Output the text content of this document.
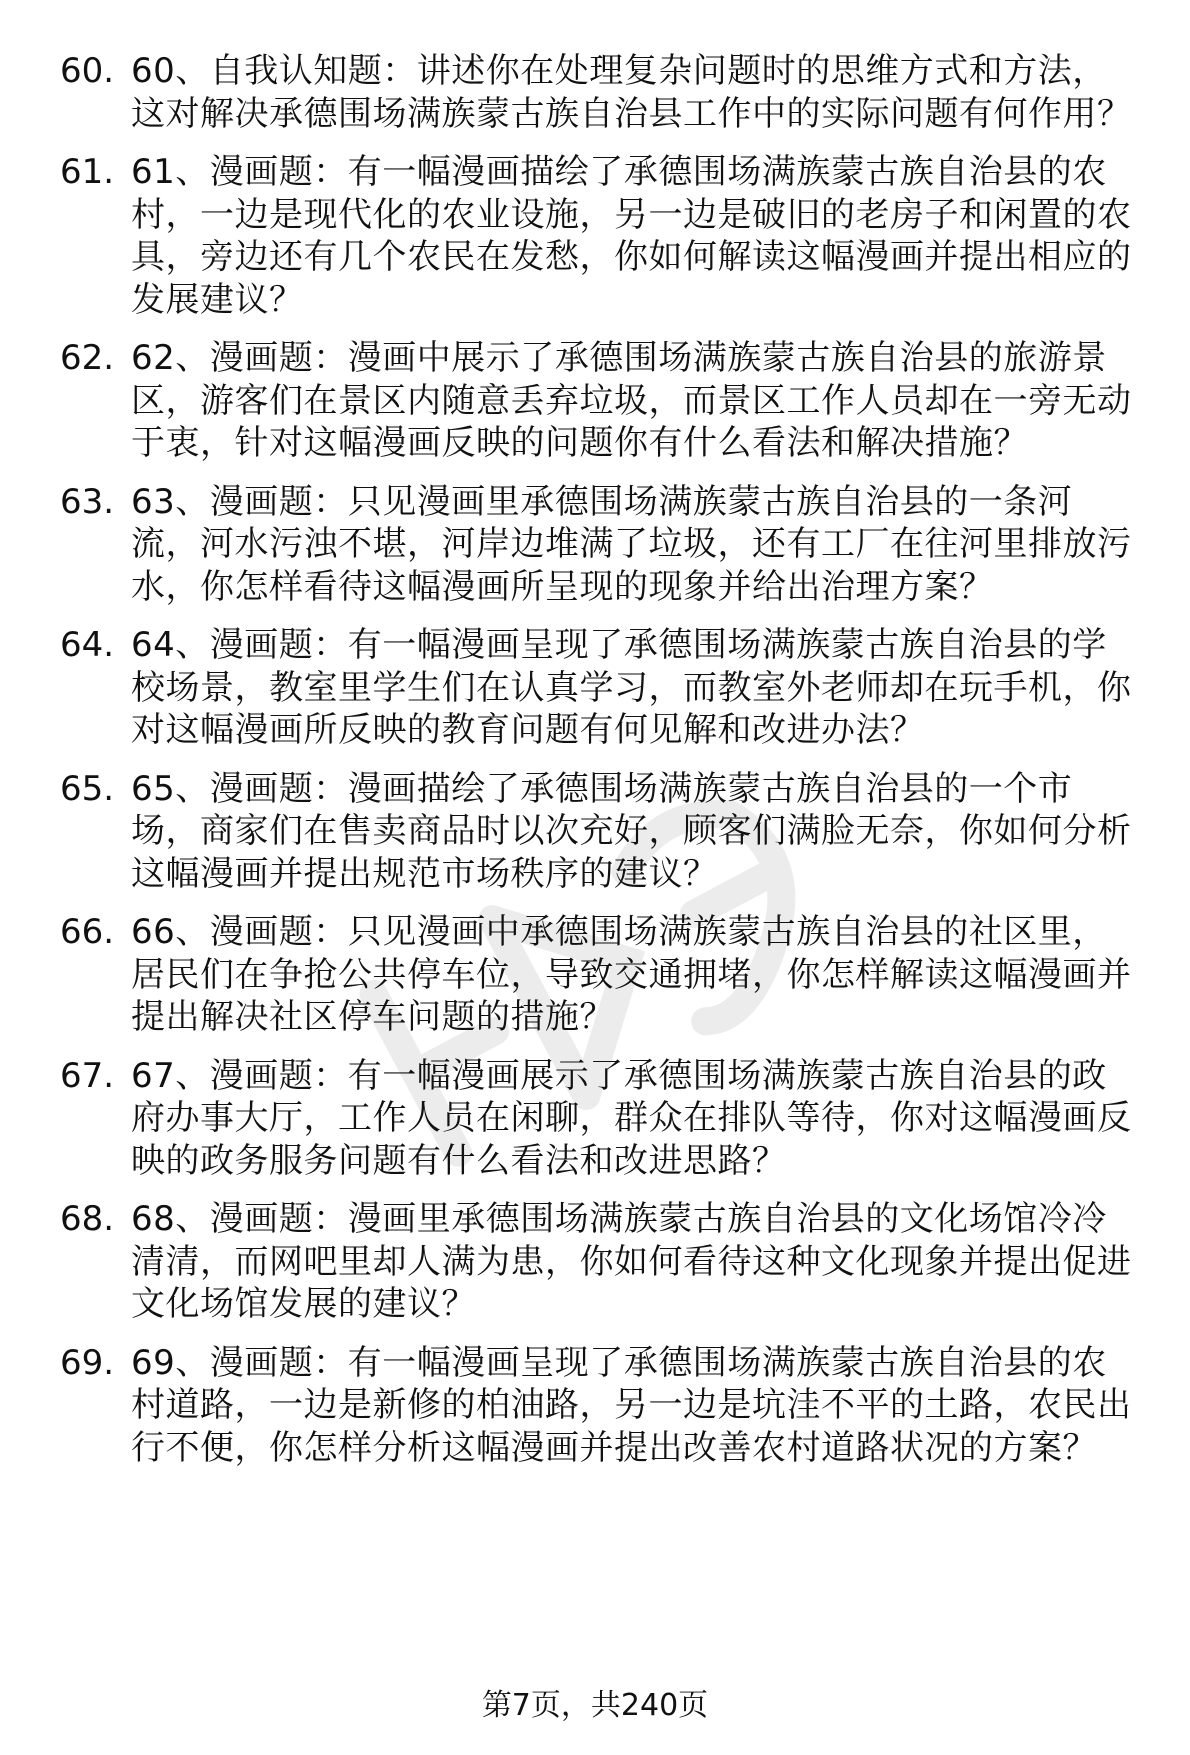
60. 60、自我认知题：讲述你在处理复杂问题时的思维方式和方法，这对解决承德围场满族蒙古族自治县工作中的实际问题有何作用？
61. 61、漫画题：有一幅漫画描绘了承德围场满族蒙古族自治县的农村，一边是现代化的农业设施，另一边是破旧的老房子和闲置的农具，旁边还有几个农民在发愁，你如何解读这幅漫画并提出相应的发展建议？
62. 62、漫画题：漫画中展示了承德围场满族蒙古族自治县的旅游景区，游客们在景区内随意丢弃垃圾，而景区工作人员却在一旁无动于衷，针对这幅漫画反映的问题你有什么看法和解决措施？
63. 63、漫画题：只见漫画里承德围场满族蒙古族自治县的一条河流，河水污浊不堪，河岸边堆满了垃圾，还有工厂在往河里排放污水，你怎样看待这幅漫画所呈现的现象并给出治理方案？
64. 64、漫画题：有一幅漫画呈现了承德围场满族蒙古族自治县的学校场景，教室里学生们在认真学习，而教室外老师却在玩手机，你对这幅漫画所反映的教育问题有何见解和改进办法？
65. 65、漫画题：漫画描绘了承德围场满族蒙古族自治县的一个市场，商家们在售卖商品时以次充好，顾客们满脸无奈，你如何分析这幅漫画并提出规范市场秩序的建议？
66. 66、漫画题：只见漫画中承德围场满族蒙古族自治县的社区里，居民们在争抢公共停车位，导致交通拥堵，你怎样解读这幅漫画并提出解决社区停车问题的措施？
67. 67、漫画题：有一幅漫画展示了承德围场满族蒙古族自治县的政府办事大厅，工作人员在闲聊，群众在排队等待，你对这幅漫画反映的政务服务问题有什么看法和改进思路？
68. 68、漫画题：漫画里承德围场满族蒙古族自治县的文化场馆冷冷清清，而网吧里却人满为患，你如何看待这种文化现象并提出促进文化场馆发展的建议？
69. 69、漫画题：有一幅漫画呈现了承德围场满族蒙古族自治县的农村道路，一边是新修的柏油路，另一边是坑洼不平的土路，农民出行不便，你怎样分析这幅漫画并提出改善农村道路状况的方案？
第7页，共240页
